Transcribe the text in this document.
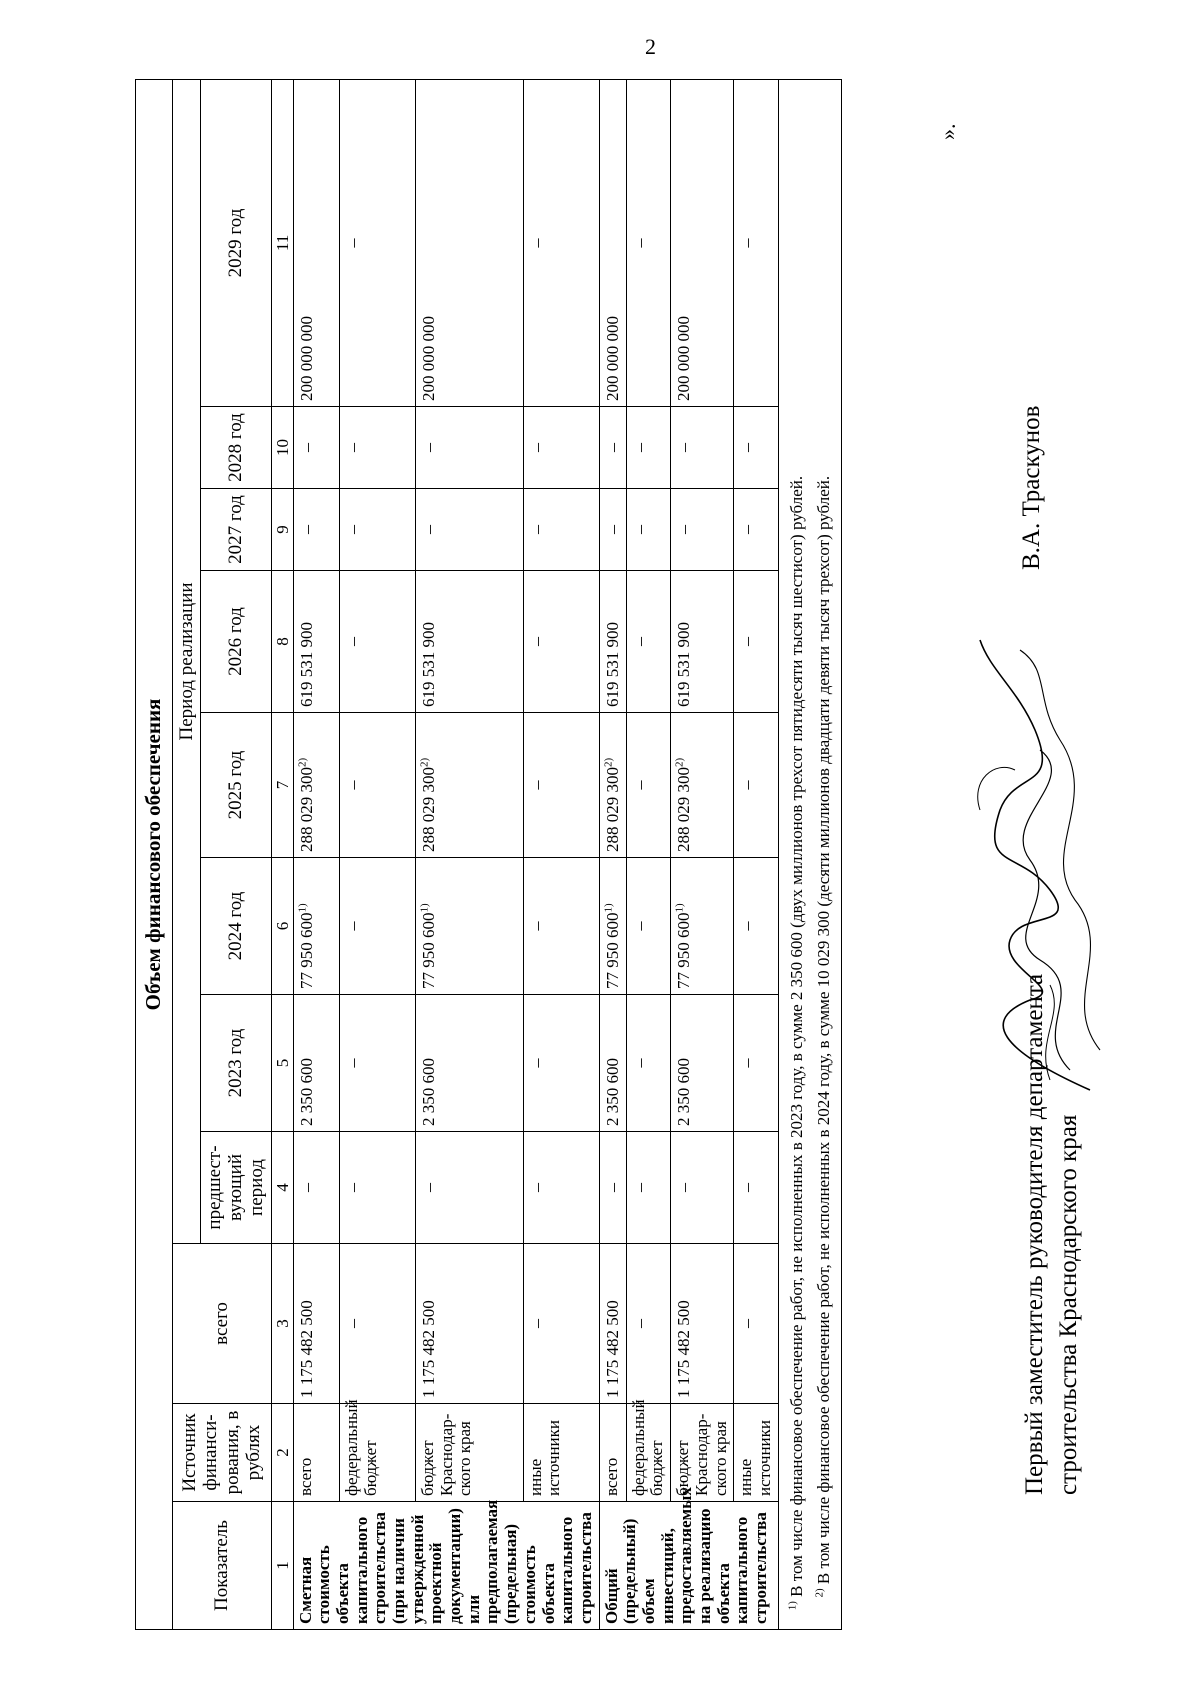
2
Объем финансового обеспечения										
Показатель	Источник финанси-рования, в рублях	всего	Период реализации							
			предшест-вующий период	2023 год	2024 год	2025 год	2026 год	2027 год	2028 год	2029 год
1	2	3	4	5	6	7	8	9	10	11
Сметная стоимость объекта капитального строительства (при наличии утвержденной проектной документации) или предполагаемая (предельная) стоимость объекта капитального строительства	всего	1 175 482 500	–	2 350 600	77 950 600$^{1)}$	288 029 300$^{2)}$	619 531 900	–	–	200 000 000
	федеральный бюджет	–	–	–	–	–	–	–	–	–
	бюджет Краснодар-ского края	1 175 482 500	–	2 350 600	77 950 600$^{1)}$	288 029 300$^{2)}$	619 531 900	–	–	200 000 000
	иные источники	–	–	–	–	–	–	–	–	–
Общий (предельный) объем инвестиций, предоставляемых на реализацию объекта капитального строительства	всего	1 175 482 500	–	2 350 600	77 950 600$^{1)}$	288 029 300$^{2)}$	619 531 900	–	–	200 000 000
	федеральный бюджет	–	–	–	–	–	–	–	–	–
	бюджет Краснодар-ского края	1 175 482 500	–	2 350 600	77 950 600$^{1)}$	288 029 300$^{2)}$	619 531 900	–	–	200 000 000
	иные источники	–	–	–	–	–	–	–	–	–

$^{1)}$ В том числе финансовое обеспечение работ, не исполненных в 2023 году, в сумме 2 350 600 (двух миллионов трехсот пятидесяти тысяч шестисот) рублей. $^{2)}$ В том числе финансовое обеспечение работ, не исполненных в 2024 году, в сумме 10 029 300 (десяти миллионов двадцати девяти тысяч трехсот) рублей.										
».
Первый заместитель руководителя департамента строительства Краснодарского края
В.А. Траскунов
